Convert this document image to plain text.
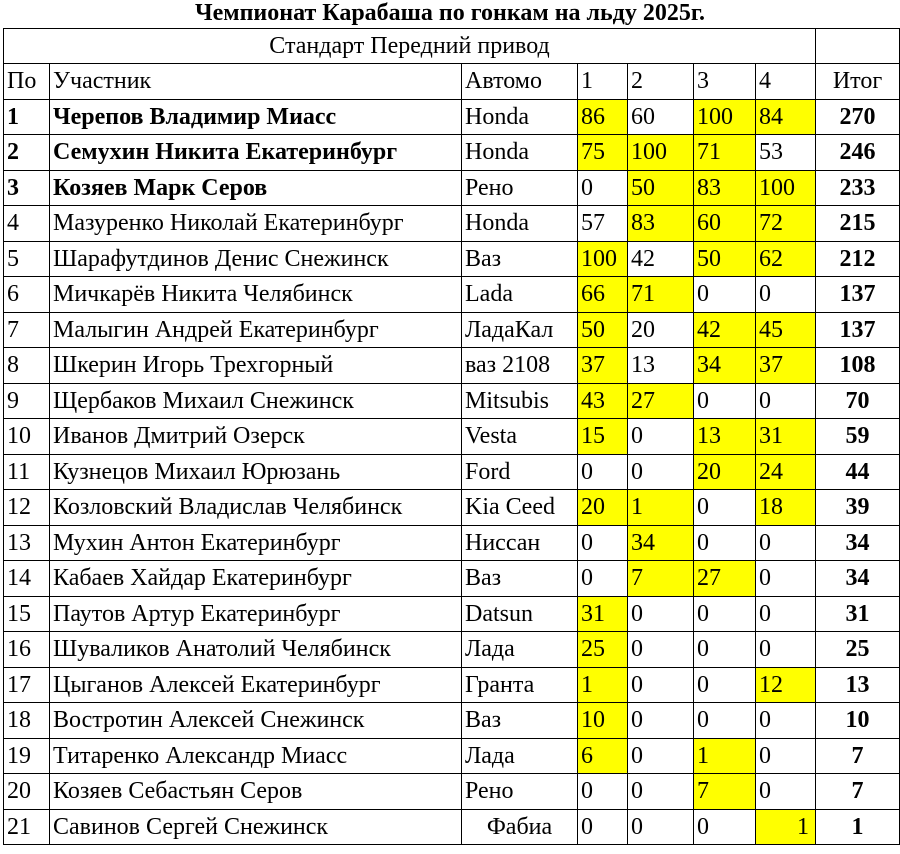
Чемпионат Карабаша по гонкам на льду 2025г.
Стандарт Передний привод							
По	Участник	Автомо	1	2	3	4	Итог
1	Черепов Владимир Миасс	Honda	86	60	100	84	270
2	Семухин Никита Екатеринбург	Honda	75	100	71	53	246
3	Козяев Марк Серов	Рено	0	50	83	100	233
4	Мазуренко Николай Екатеринбург	Honda	57	83	60	72	215
5	Шарафутдинов Денис Снежинск	Ваз	100	42	50	62	212
6	Мичкарёв Никита Челябинск	Lada	66	71	0	0	137
7	Малыгин Андрей Екатеринбург	ЛадаКал	50	20	42	45	137
8	Шкерин Игорь Трехгорный	ваз 2108	37	13	34	37	108
9	Щербаков Михаил Снежинск	Mitsubis	43	27	0	0	70
10	Иванов Дмитрий Озерск	Vesta	15	0	13	31	59
11	Кузнецов Михаил Юрюзань	Ford	0	0	20	24	44
12	Козловский Владислав Челябинск	Kia Ceed	20	1	0	18	39
13	Мухин Антон Екатеринбург	Ниссан	0	34	0	0	34
14	Кабаев Хайдар Екатеринбург	Ваз	0	7	27	0	34
15	Паутов Артур Екатеринбург	Datsun	31	0	0	0	31
16	Шуваликов Анатолий Челябинск	Лада	25	0	0	0	25
17	Цыганов Алексей Екатеринбург	Гранта	1	0	0	12	13
18	Востротин Алексей Снежинск	Ваз	10	0	0	0	10
19	Титаренко Александр Миасс	Лада	6	0	1	0	7
20	Козяев Себастьян Серов	Рено	0	0	7	0	7
21	Савинов Сергей Снежинск	Фабиа	0	0	0	1	1
